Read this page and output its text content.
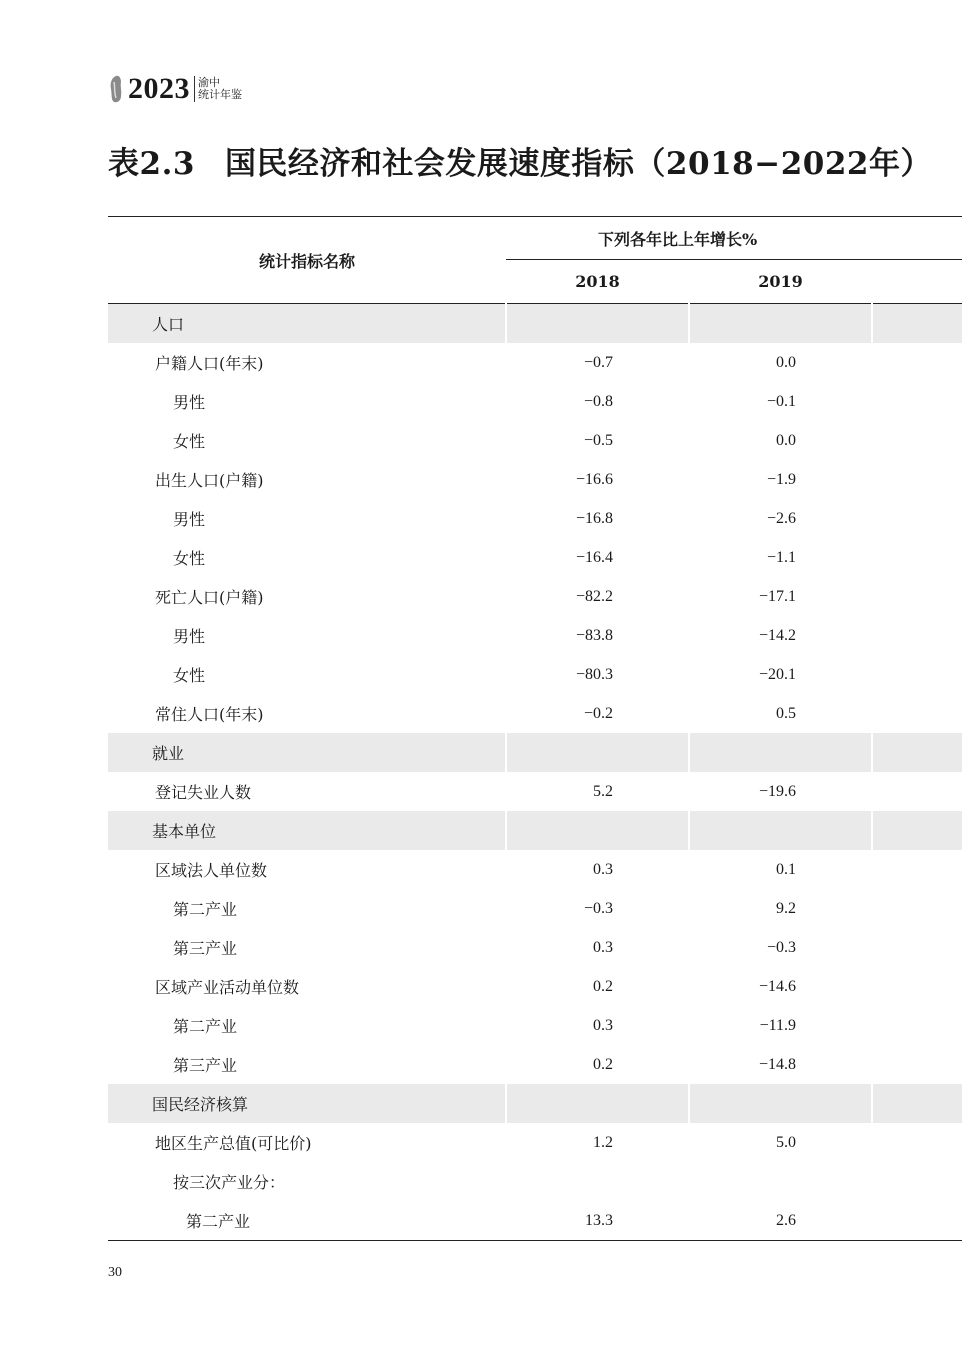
2023 渝中
统计年鉴
表2.3 国民经济和社会发展速度指标（2018−2022年）
统计指标名称	下列各年比上年增长%		
	2018	2019	
人口			
户籍人口(年末)	−0.7	0.0	
男性	−0.8	−0.1	
女性	−0.5	0.0	
出生人口(户籍)	−16.6	−1.9	
男性	−16.8	−2.6	
女性	−16.4	−1.1	
死亡人口(户籍)	−82.2	−17.1	
男性	−83.8	−14.2	
女性	−80.3	−20.1	
常住人口(年末)	−0.2	0.5	
就业			
登记失业人数	5.2	−19.6	
基本单位			
区域法人单位数	0.3	0.1	
第二产业	−0.3	9.2	
第三产业	0.3	−0.3	
区域产业活动单位数	0.2	−14.6	
第二产业	0.3	−11.9	
第三产业	0.2	−14.8	
国民经济核算			
地区生产总值(可比价)	1.2	5.0	
按三次产业分：			
第二产业	13.3	2.6	
30
